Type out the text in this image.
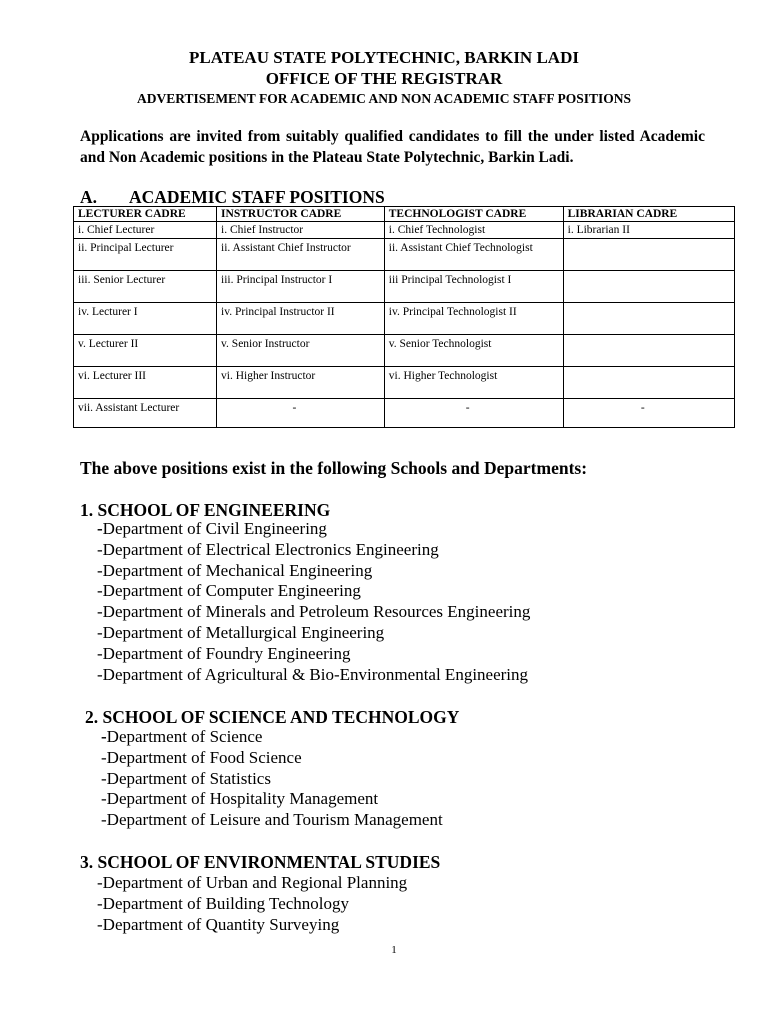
PLATEAU STATE POLYTECHNIC, BARKIN LADI
OFFICE OF THE REGISTRAR
ADVERTISEMENT FOR ACADEMIC AND NON ACADEMIC STAFF POSITIONS
Applications are invited from suitably qualified candidates to fill the under listed Academic and Non Academic positions in the Plateau State Polytechnic, Barkin Ladi.
A. ACADEMIC STAFF POSITIONS
LECTURER CADRE	INSTRUCTOR CADRE	TECHNOLOGIST CADRE	LIBRARIAN CADRE
i. Chief Lecturer	i. Chief Instructor	i. Chief Technologist	i. Librarian II
ii. Principal Lecturer	ii. Assistant Chief Instructor	ii. Assistant Chief Technologist	
iii. Senior Lecturer	iii. Principal Instructor I	iii Principal Technologist I	
iv. Lecturer I	iv. Principal Instructor II	iv. Principal Technologist II	
v. Lecturer II	v. Senior Instructor	v. Senior Technologist	
vi. Lecturer III	vi. Higher Instructor	vi. Higher Technologist	
vii. Assistant Lecturer	-	-	-
The above positions exist in the following Schools and Departments:
1. SCHOOL OF ENGINEERING
-Department of Civil Engineering
-Department of Electrical Electronics Engineering
-Department of Mechanical Engineering
-Department of Computer Engineering
-Department of Minerals and Petroleum Resources Engineering
-Department of Metallurgical Engineering
-Department of Foundry Engineering
-Department of Agricultural & Bio-Environmental Engineering
2. SCHOOL OF SCIENCE AND TECHNOLOGY
-Department of Science
-Department of Food Science
-Department of Statistics
-Department of Hospitality Management
-Department of Leisure and Tourism Management
3. SCHOOL OF ENVIRONMENTAL STUDIES
-Department of Urban and Regional Planning
-Department of Building Technology
-Department of Quantity Surveying
1
